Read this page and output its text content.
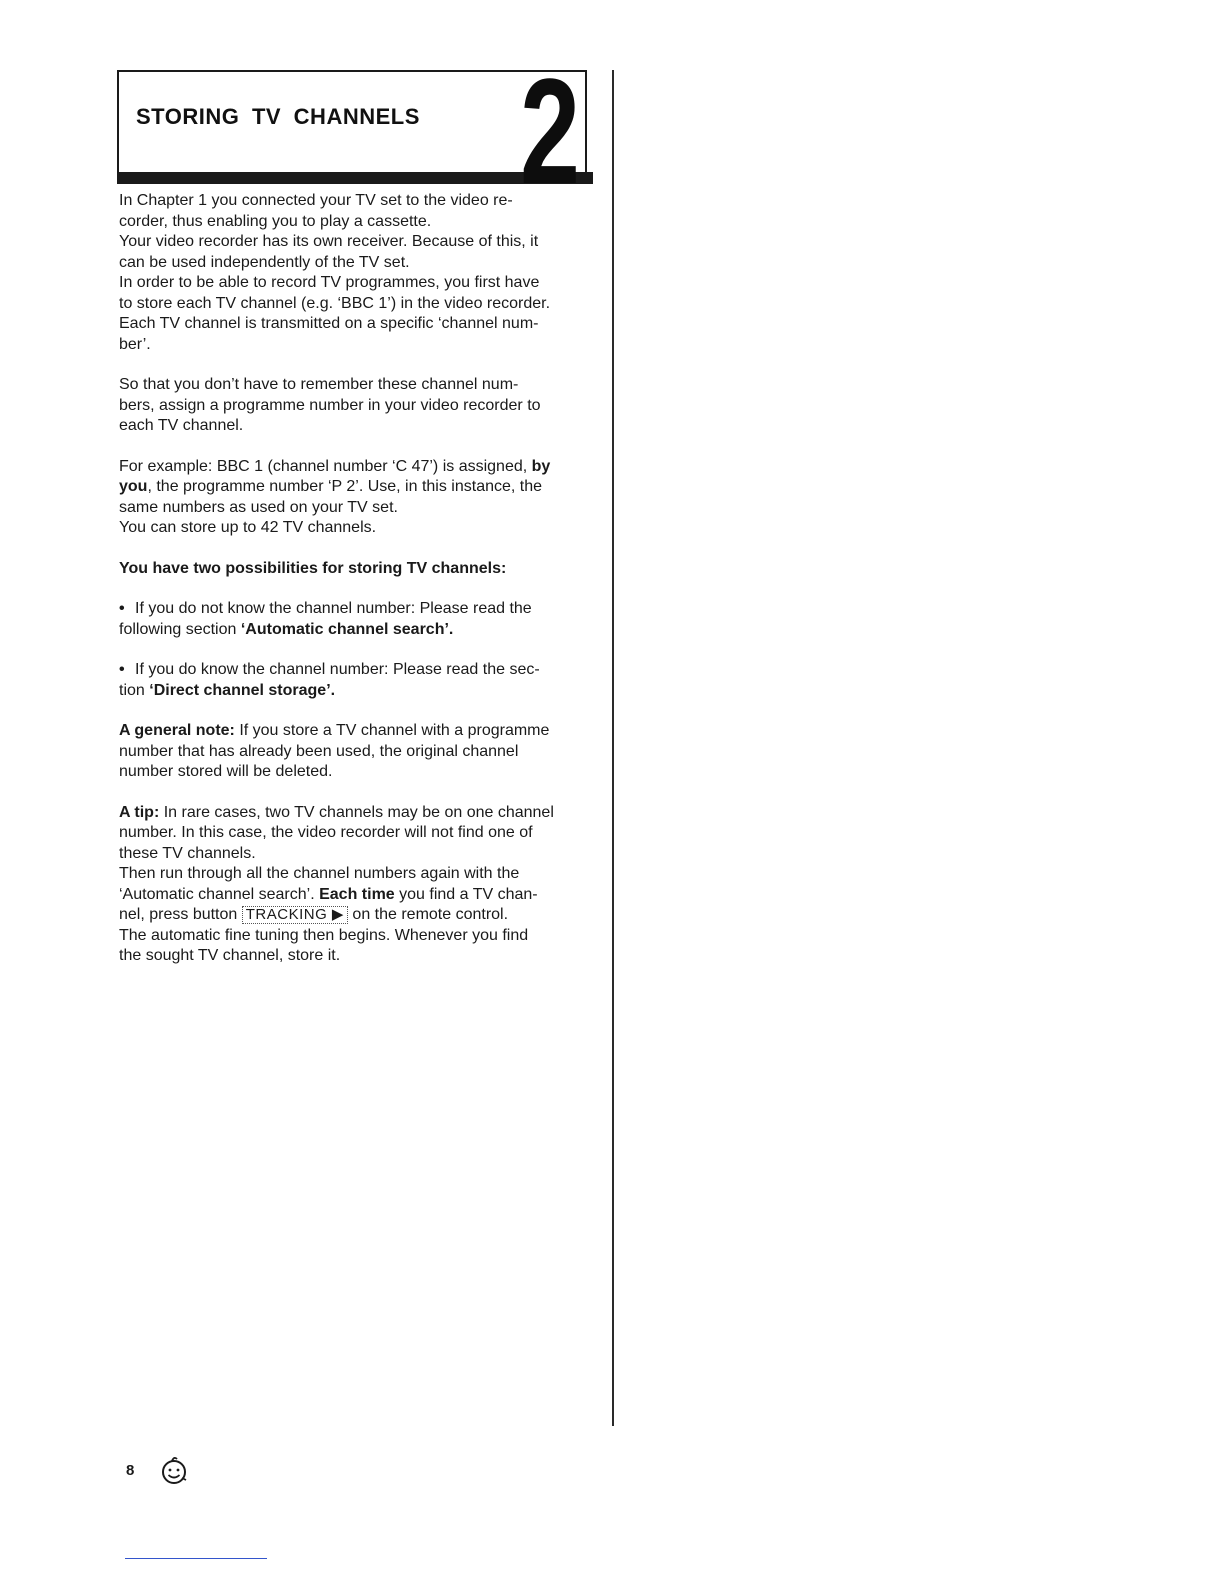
STORING TV CHANNELS 2

In Chapter 1 you connected your TV set to the video re-

corder, thus enabling you to play a cassette.

Your video recorder has its own receiver. Because of this, it

can be used independently of the TV set.

In order to be able to record TV programmes, you first have

to store each TV channel (e.g. ‘BBC 1’) in the video recorder.

Each TV channel is transmitted on a specific ‘channel num-

ber’.

So that you don’t have to remember these channel num-

bers, assign a programme number in your video recorder to

each TV channel.

For example: BBC 1 (channel number ‘C 47’) is assigned, by

you, the programme number ‘P 2’. Use, in this instance, the

same numbers as used on your TV set.

You can store up to 42 TV channels.

You have two possibilities for storing TV channels:

• If you do not know the channel number: Please read the

following section ‘Automatic channel search’.

• If you do know the channel number: Please read the sec-

tion ‘Direct channel storage’.

A general note: If you store a TV channel with a programme

number that has already been used, the original channel

number stored will be deleted.

A tip: In rare cases, two TV channels may be on one channel

number. In this case, the video recorder will not find one of

these TV channels.

Then run through all the channel numbers again with the

‘Automatic channel search’. Each time you find a TV chan-

nel, press button TRACKING ▶ on the remote control.

The automatic fine tuning then begins. Whenever you find

the sought TV channel, store it.

8
